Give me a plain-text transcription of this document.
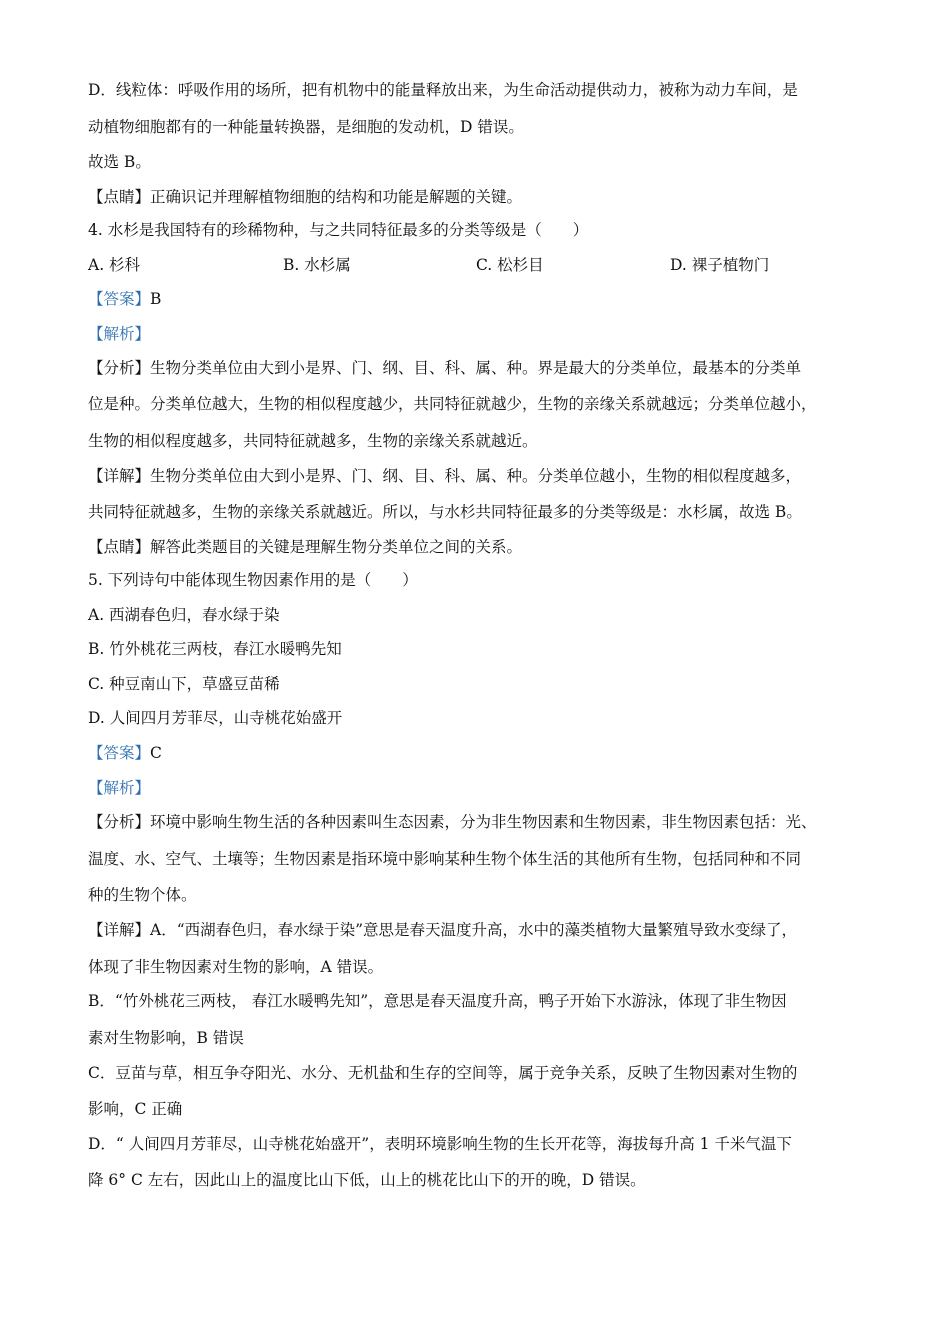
D．线粒体：呼吸作用的场所，把有机物中的能量释放出来，为生命活动提供动力，被称为动力车间，是
动植物细胞都有的一种能量转换器，是细胞的发动机，D 错误。
故选 B。
【点睛】正确识记并理解植物细胞的结构和功能是解题的关键。
4. 水杉是我国特有的珍稀物种，与之共同特征最多的分类等级是（　　）
A. 杉科	B. 水杉属	C. 松杉目	D. 裸子植物门
【答案】B
【解析】
【分析】生物分类单位由大到小是界、门、纲、目、科、属、种。界是最大的分类单位，最基本的分类单
位是种。分类单位越大，生物的相似程度越少，共同特征就越少，生物的亲缘关系就越远；分类单位越小，
生物的相似程度越多，共同特征就越多，生物的亲缘关系就越近。
【详解】生物分类单位由大到小是界、门、纲、目、科、属、种。分类单位越小，生物的相似程度越多，
共同特征就越多，生物的亲缘关系就越近。所以，与水杉共同特征最多的分类等级是：水杉属，故选 B。
【点睛】解答此类题目的关键是理解生物分类单位之间的关系。
5. 下列诗句中能体现生物因素作用的是（　　）
A. 西湖春色归，春水绿于染
B. 竹外桃花三两枝，春江水暖鸭先知
C. 种豆南山下，草盛豆苗稀
D. 人间四月芳菲尽，山寺桃花始盛开
【答案】C
【解析】
【分析】环境中影响生物生活的各种因素叫生态因素，分为非生物因素和生物因素，非生物因素包括：光、
温度、水、空气、土壤等；生物因素是指环境中影响某种生物个体生活的其他所有生物，包括同种和不同
种的生物个体。
【详解】A．“西湖春色归，春水绿于染”意思是春天温度升高，水中的藻类植物大量繁殖导致水变绿了，
体现了非生物因素对生物的影响，A 错误。
B．“竹外桃花三两枝， 春江水暖鸭先知”，意思是春天温度升高，鸭子开始下水游泳，体现了非生物因
素对生物影响，B 错误
C．豆苗与草，相互争夺阳光、水分、无机盐和生存的空间等，属于竞争关系，反映了生物因素对生物的
影响，C 正确
D．“ 人间四月芳菲尽，山寺桃花始盛开”，表明环境影响生物的生长开花等，海拔每升高 1 千米气温下
降 6° C 左右，因此山上的温度比山下低，山上的桃花比山下的开的晚，D 错误。
